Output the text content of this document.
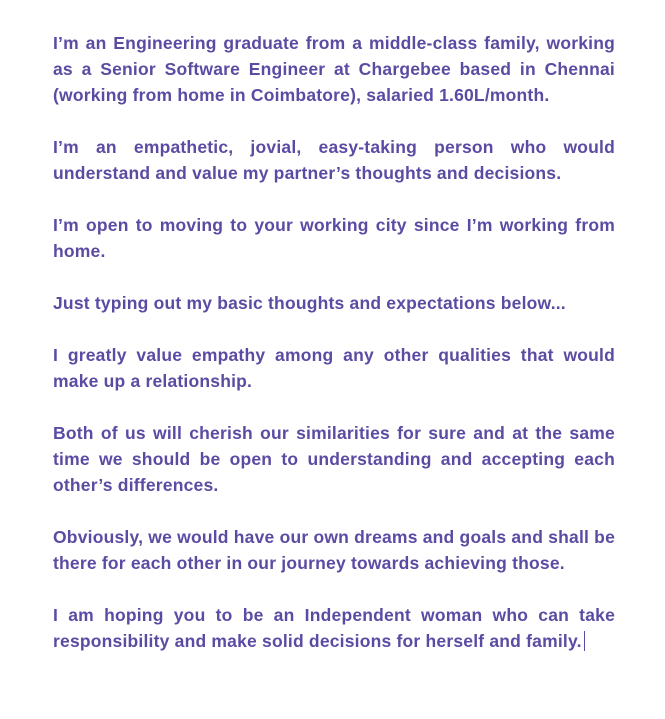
I’m an Engineering graduate from a middle-class family, working as a Senior Software Engineer at Chargebee based in Chennai (working from home in Coimbatore), salaried 1.60L/month.

I’m an empathetic, jovial, easy-taking person who would understand and value my partner’s thoughts and decisions.

I’m open to moving to your working city since I’m working from home.

Just typing out my basic thoughts and expectations below...

I greatly value empathy among any other qualities that would make up a relationship.

Both of us will cherish our similarities for sure and at the same time we should be open to understanding and accepting each other’s differences.

Obviously, we would have our own dreams and goals and shall be there for each other in our journey towards achieving those.

I am hoping you to be an Independent woman who can take responsibility and make solid decisions for herself and family.
